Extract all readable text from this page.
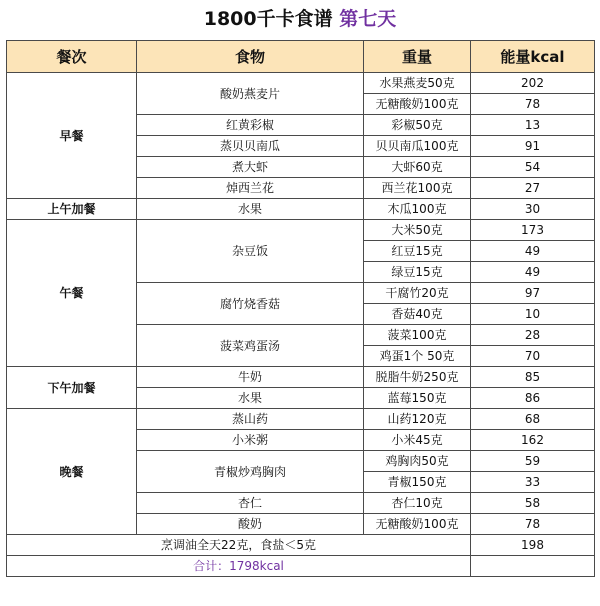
1800千卡食谱 第七天
餐次	食物	重量	能量kcal
早餐	酸奶燕麦片	水果燕麦50克	202
		无糖酸奶100克	78
	红黄彩椒	彩椒50克	13
	蒸贝贝南瓜	贝贝南瓜100克	91
	煮大虾	大虾60克	54
	焯西兰花	西兰花100克	27
上午加餐	水果	木瓜100克	30
午餐	杂豆饭	大米50克	173
		红豆15克	49
		绿豆15克	49
	腐竹烧香菇	干腐竹20克	97
		香菇40克	10
	菠菜鸡蛋汤	菠菜100克	28
		鸡蛋1个 50克	70
下午加餐	牛奶	脱脂牛奶250克	85
	水果	蓝莓150克	86
晚餐	蒸山药	山药120克	68
	小米粥	小米45克	162
	青椒炒鸡胸肉	鸡胸肉50克	59
		青椒150克	33
	杏仁	杏仁10克	58
	酸奶	无糖酸奶100克	78
烹调油全天22克，食盐＜5克			198
合计：1798kcal			
